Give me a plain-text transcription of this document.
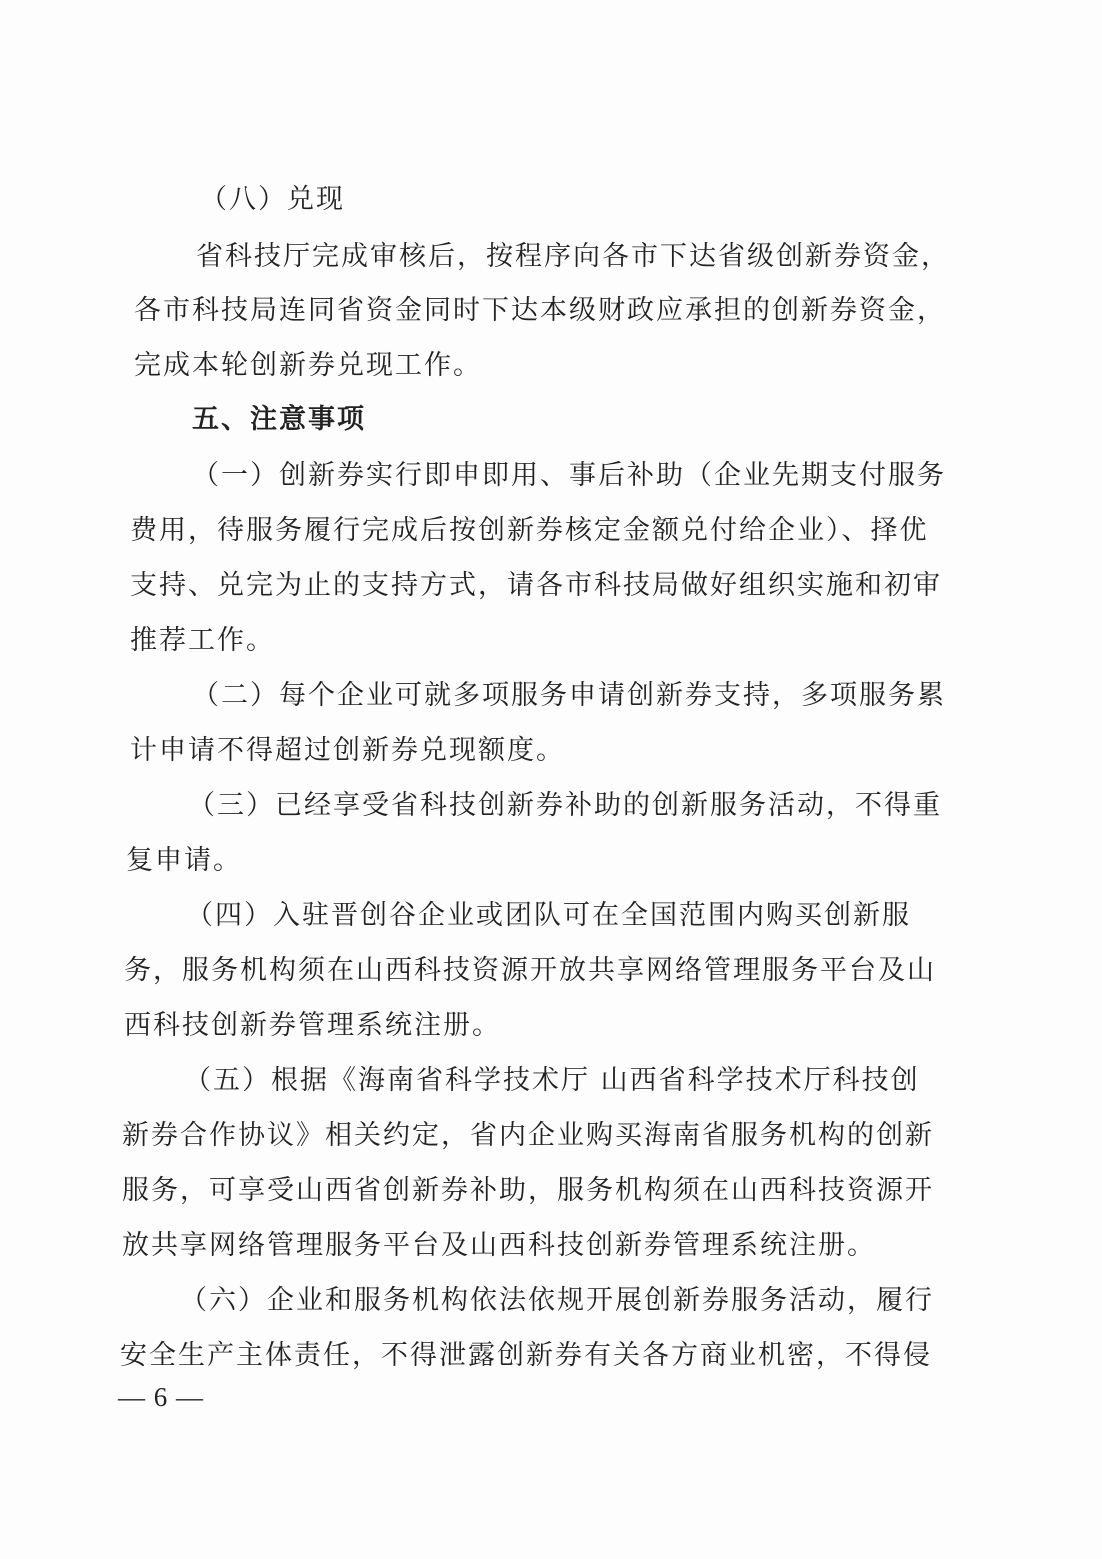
（八）兑现
省科技厅完成审核后，按程序向各市下达省级创新券资金，
各市科技局连同省资金同时下达本级财政应承担的创新券资金，
完成本轮创新券兑现工作。
五、注意事项
（一）创新券实行即申即用、事后补助（企业先期支付服务
费用，待服务履行完成后按创新券核定金额兑付给企业）、择优
支持、兑完为止的支持方式，请各市科技局做好组织实施和初审
推荐工作。
（二）每个企业可就多项服务申请创新券支持，多项服务累
计申请不得超过创新券兑现额度。
（三）已经享受省科技创新券补助的创新服务活动，不得重
复申请。
（四）入驻晋创谷企业或团队可在全国范围内购买创新服
务，服务机构须在山西科技资源开放共享网络管理服务平台及山
西科技创新券管理系统注册。
（五）根据《海南省科学技术厅 山西省科学技术厅科技创
新券合作协议》相关约定，省内企业购买海南省服务机构的创新
服务，可享受山西省创新券补助，服务机构须在山西科技资源开
放共享网络管理服务平台及山西科技创新券管理系统注册。
（六）企业和服务机构依法依规开展创新券服务活动，履行
安全生产主体责任，不得泄露创新券有关各方商业机密，不得侵
— 6 —
